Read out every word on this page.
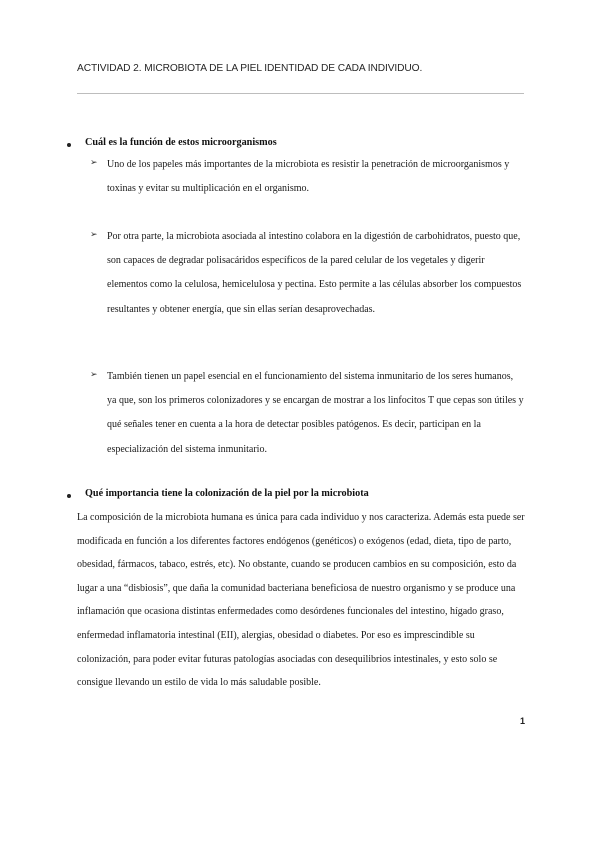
ACTIVIDAD 2. MICROBIOTA DE LA PIEL IDENTIDAD DE CADA INDIVIDUO.
Cuál es la función de estos microorganismos
➢ Uno de los papeles más importantes de la microbiota es resistir la penetración de microorganismos y toxinas y evitar su multiplicación en el organismo.

➢ Por otra parte, la microbiota asociada al intestino colabora en la digestión de carbohidratos, puesto que, son capaces de degradar polisacáridos específicos de la pared celular de los vegetales y digerir elementos como la celulosa, hemicelulosa y pectina. Esto permite a las células absorber los compuestos resultantes y obtener energía, que sin ellas serían desaprovechadas.

➢ También tienen un papel esencial en el funcionamiento del sistema inmunitario de los seres humanos, ya que, son los primeros colonizadores y se encargan de mostrar a los linfocitos T que cepas son útiles y qué señales tener en cuenta a la hora de detectar posibles patógenos. Es decir, participan en la especialización del sistema inmunitario.

Qué importancia tiene la colonización de la piel por la microbiota

La composición de la microbiota humana es única para cada individuo y nos caracteriza. Además esta puede ser modificada en función a los diferentes factores endógenos (genéticos) o exógenos (edad, dieta, tipo de parto, obesidad, fármacos, tabaco, estrés, etc). No obstante, cuando se producen cambios en su composición, esto da lugar a una “disbiosis”, que daña la comunidad bacteriana beneficiosa de nuestro organismo y se produce una inflamación que ocasiona distintas enfermedades como desórdenes funcionales del intestino, hígado graso, enfermedad inflamatoria intestinal (EII), alergias, obesidad o diabetes. Por eso es imprescindible su colonización, para poder evitar futuras patologías asociadas con desequilibrios intestinales, y esto solo se consigue llevando un estilo de vida lo más saludable posible.

1
